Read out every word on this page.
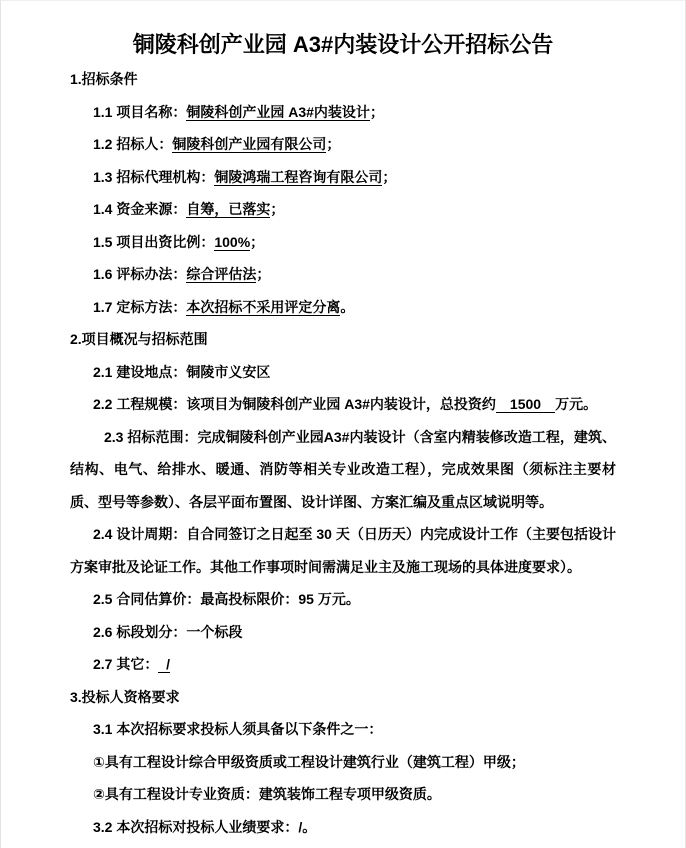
铜陵科创产业园 A3#内装设计公开招标公告

1.招标条件

1.1 项目名称：铜陵科创产业园 A3#内装设计；

1.2 招标人：铜陵科创产业园有限公司；

1.3 招标代理机构：铜陵鸿瑞工程咨询有限公司；

1.4 资金来源：自筹，已落实；

1.5 项目出资比例：100%；

1.6 评标办法：综合评估法；

1.7 定标方法：本次招标不采用评定分离。

2.项目概况与招标范围

2.1 建设地点：铜陵市义安区

2.2 工程规模：该项目为铜陵科创产业园 A3#内装设计，总投资约　1500　万元。

2.3 招标范围：完成铜陵科创产业园A3#内装设计（含室内精装修改造工程，建筑、结构、电气、给排水、暖通、消防等相关专业改造工程），完成效果图（须标注主要材质、型号等参数）、各层平面布置图、设计详图、方案汇编及重点区域说明等。

2.4 设计周期：自合同签订之日起至 30 天（日历天）内完成设计工作（主要包括设计方案审批及论证工作。其他工作事项时间需满足业主及施工现场的具体进度要求）。

2.5 合同估算价：最高投标限价：95 万元。

2.6 标段划分：一个标段

2.7 其它：  /

3.投标人资格要求

3.1 本次招标要求投标人须具备以下条件之一：

①具有工程设计综合甲级资质或工程设计建筑行业（建筑工程）甲级；

②具有工程设计专业资质：建筑装饰工程专项甲级资质。

3.2 本次招标对投标人业绩要求：/。
